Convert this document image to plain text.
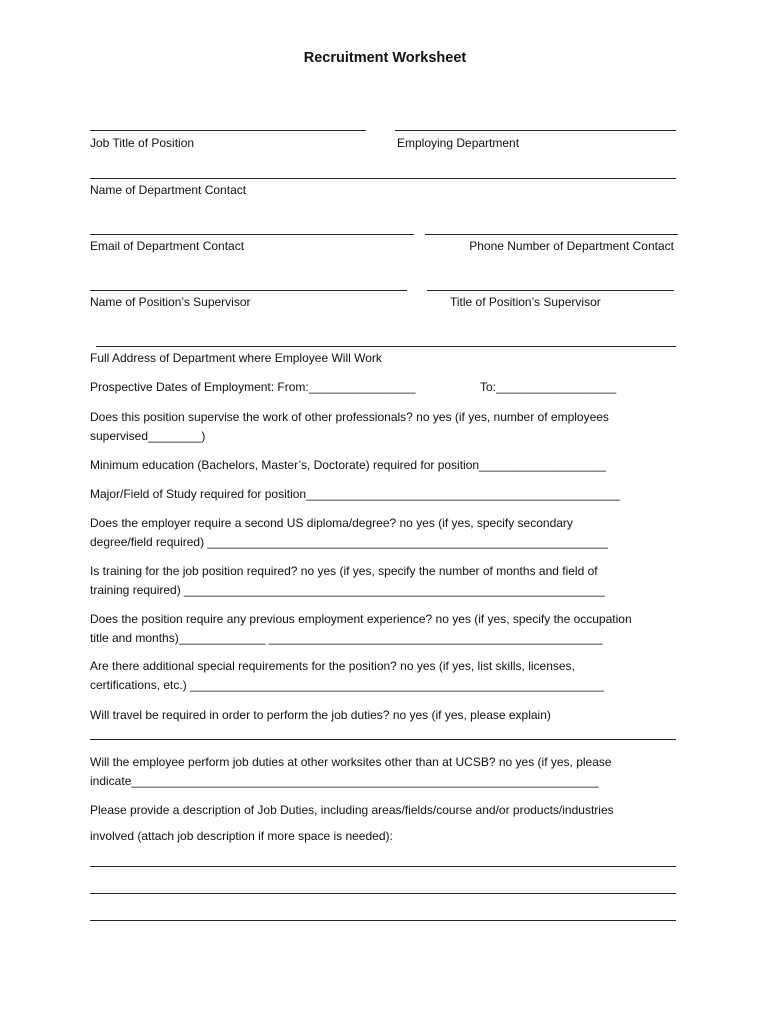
Recruitment Worksheet
Job Title of Position	Employing Department
Name of Department Contact
Email of Department Contact	Phone Number of Department Contact
Name of Position’s Supervisor	Title of Position’s Supervisor
Full Address of Department where Employee Will Work
Prospective Dates of Employment: From:________________	To:__________________
Does this position supervise the work of other professionals? no yes (if yes, number of employees
supervised________)
Minimum education (Bachelors, Master’s, Doctorate) required for position___________________
Major/Field of Study required for position_______________________________________________
Does the employer require a second US diploma/degree? no yes (if yes, specify secondary
degree/field required) ____________________________________________________________
Is training for the job position required? no yes (if yes, specify the number of months and field of
training required) _______________________________________________________________
Does the position require any previous employment experience? no yes (if yes, specify the occupation
title and months)_____________ __________________________________________________
Are there additional special requirements for the position? no yes (if yes, list skills, licenses,
certifications, etc.) ______________________________________________________________
Will travel be required in order to perform the job duties? no yes (if yes, please explain)
Will the employee perform job duties at other worksites other than at UCSB? no yes (if yes, please
indicate______________________________________________________________________
Please provide a description of Job Duties, including areas/fields/course and/or products/industries
involved (attach job description if more space is needed):
